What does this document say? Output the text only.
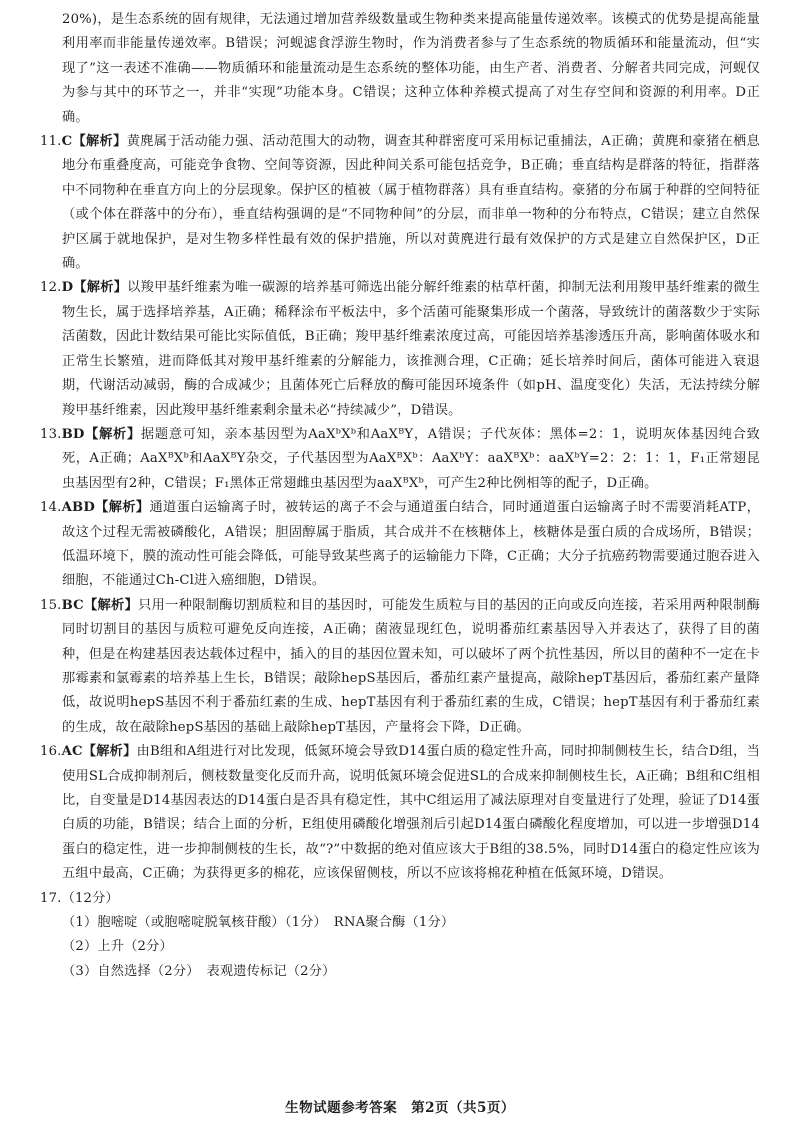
20%)，是生态系统的固有规律，无法通过增加营养级数量或生物种类来提高能量传递效率。该模式的优势是提高能量利用率而非能量传递效率。B错误；河蚬滤食浮游生物时，作为消费者参与了生态系统的物质循环和能量流动，但“实现了”这一表述不准确——物质循环和能量流动是生态系统的整体功能，由生产者、消费者、分解者共同完成，河蚬仅为参与其中的环节之一，并非“实现”功能本身。C错误；这种立体种养模式提高了对生存空间和资源的利用率。D正确。

11.C【解析】黄麂属于活动能力强、活动范围大的动物，调查其种群密度可采用标记重捕法，A正确；黄麂和豪猪在栖息地分布重叠度高，可能竞争食物、空间等资源，因此种间关系可能包括竞争，B正确；垂直结构是群落的特征，指群落中不同物种在垂直方向上的分层现象。保护区的植被（属于植物群落）具有垂直结构。豪猪的分布属于种群的空间特征（或个体在群落中的分布），垂直结构强调的是“不同物种间”的分层，而非单一物种的分布特点，C错误；建立自然保护区属于就地保护，是对生物多样性最有效的保护措施，所以对黄麂进行最有效保护的方式是建立自然保护区，D正确。

12.D【解析】以羧甲基纤维素为唯一碳源的培养基可筛选出能分解纤维素的枯草杆菌，抑制无法利用羧甲基纤维素的微生物生长，属于选择培养基，A正确；稀释涂布平板法中，多个活菌可能聚集形成一个菌落，导致统计的菌落数少于实际活菌数，因此计数结果可能比实际值低，B正确；羧甲基纤维素浓度过高，可能因培养基渗透压升高，影响菌体吸水和正常生长繁殖，进而降低其对羧甲基纤维素的分解能力，该推测合理，C正确；延长培养时间后，菌体可能进入衰退期，代谢活动减弱，酶的合成减少；且菌体死亡后释放的酶可能因环境条件（如pH、温度变化）失活，无法持续分解羧甲基纤维素，因此羧甲基纤维素剩余量未必“持续减少”，D错误。

13.BD【解析】据题意可知，亲本基因型为AaXᵇXᵇ和AaXᴮY，A错误；子代灰体：黑体=2：1，说明灰体基因纯合致死，A正确；AaXᴮXᵇ和AaXᴮY杂交，子代基因型为AaXᴮXᵇ：AaXᵇY：aaXᴮXᵇ：aaXᵇY=2：2：1：1，F₁正常翅昆虫基因型有2种，C错误；F₁黑体正常翅雌虫基因型为aaXᴮXᵇ，可产生2种比例相等的配子，D正确。

14.ABD【解析】通道蛋白运输离子时，被转运的离子不会与通道蛋白结合，同时通道蛋白运输离子时不需要消耗ATP，故这个过程无需被磷酸化，A错误；胆固醇属于脂质，其合成并不在核糖体上，核糖体是蛋白质的合成场所，B错误；低温环境下，膜的流动性可能会降低，可能导致某些离子的运输能力下降，C正确；大分子抗癌药物需要通过胞吞进入细胞，不能通过Ch-Cl进入癌细胞，D错误。

15.BC【解析】只用一种限制酶切割质粒和目的基因时，可能发生质粒与目的基因的正向或反向连接，若采用两种限制酶同时切割目的基因与质粒可避免反向连接，A正确；菌液显现红色，说明番茄红素基因导入并表达了，获得了目的菌种，但是在构建基因表达载体过程中，插入的目的基因位置未知，可以破坏了两个抗性基因，所以目的菌种不一定在卡那霉素和氯霉素的培养基上生长，B错误；敲除hepS基因后，番茄红素产量提高，敲除hepT基因后，番茄红素产量降低，故说明hepS基因不利于番茄红素的生成、hepT基因有利于番茄红素的生成，C错误；hepT基因有利于番茄红素的生成，故在敲除hepS基因的基础上敲除hepT基因，产量将会下降，D正确。

16.AC【解析】由B组和A组进行对比发现，低氮环境会导致D14蛋白质的稳定性升高，同时抑制侧枝生长，结合D组，当使用SL合成抑制剂后，侧枝数量变化反而升高，说明低氮环境会促进SL的合成来抑制侧枝生长，A正确；B组和C组相比，自变量是D14基因表达的D14蛋白是否具有稳定性，其中C组运用了减法原理对自变量进行了处理，验证了D14蛋白质的功能，B错误；结合上面的分析，E组使用磷酸化增强剂后引起D14蛋白磷酸化程度增加，可以进一步增强D14蛋白的稳定性，进一步抑制侧枝的生长，故“?”中数据的绝对值应该大于B组的38.5%，同时D14蛋白的稳定性应该为五组中最高，C正确；为获得更多的棉花，应该保留侧枝，所以不应该将棉花种植在低氮环境，D错误。

17.（12分）

（1）胞嘧啶（或胞嘧啶脱氧核苷酸）（1分）　RNA聚合酶（1分）

（2）上升（2分）

（3）自然选择（2分）　表观遗传标记（2分）

生物试题参考答案　第2页（共5页）
